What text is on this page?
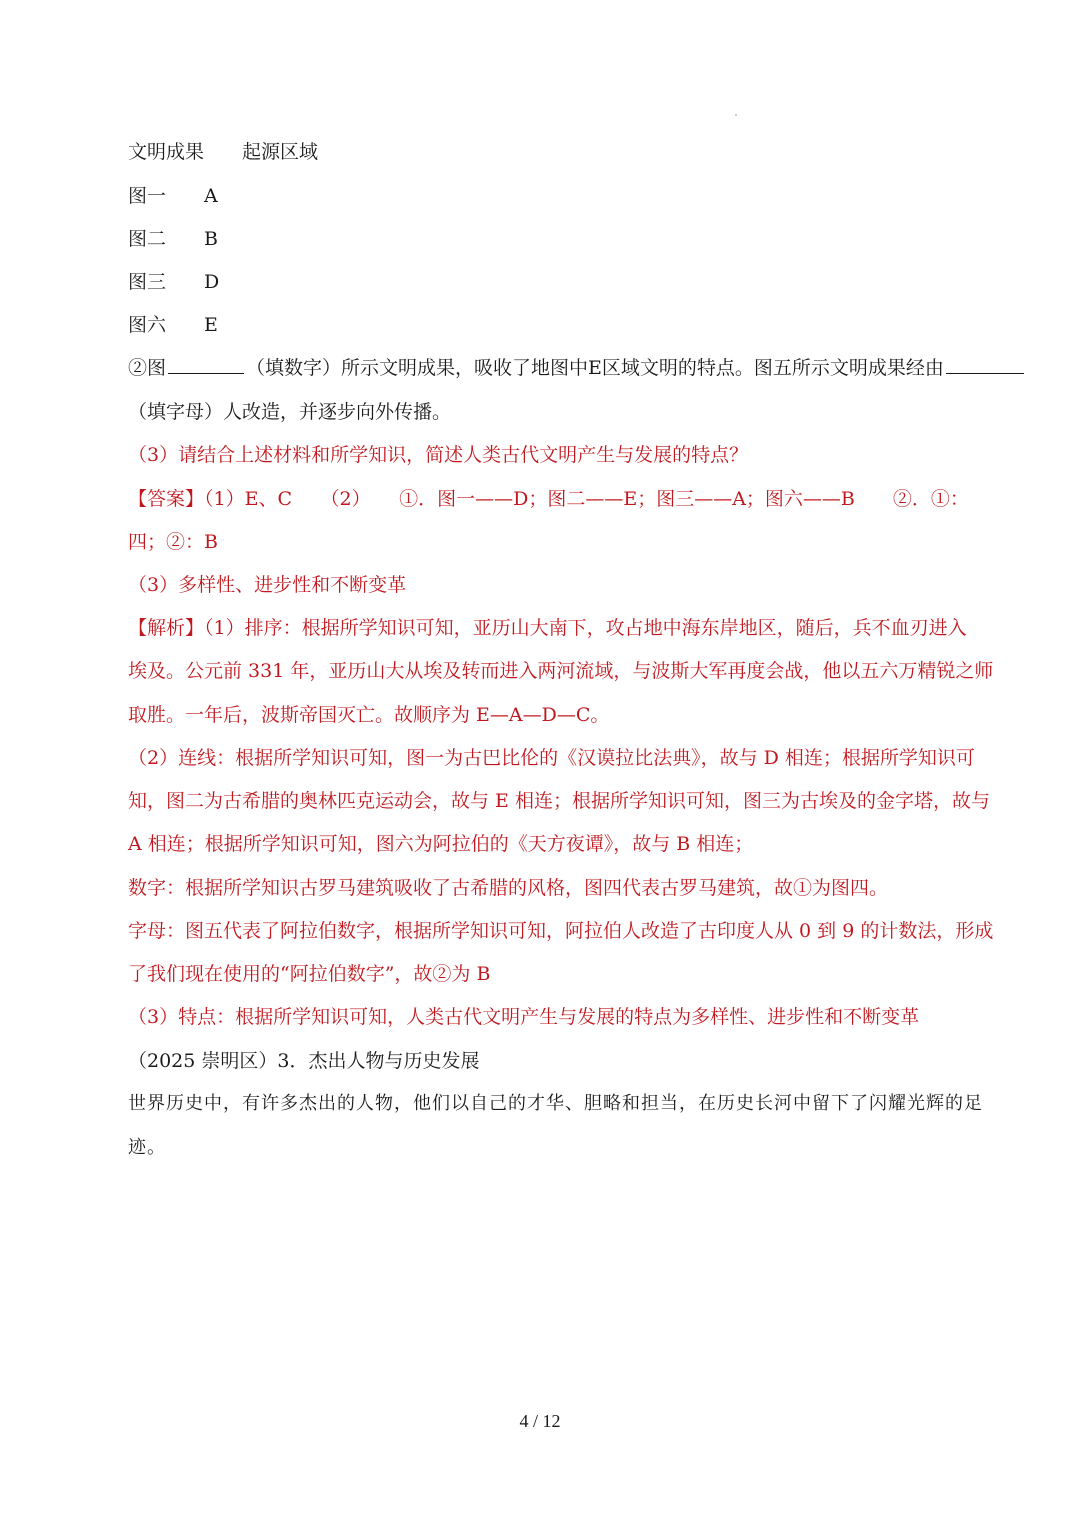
文明成果 起源区域
图一 A
图二 B
图三 D
图六 E
②图	（填数字）所示文明成果，吸收了地图中E区域文明的特点。图五所示文明成果经由
（填字母）人改造，并逐步向外传播。
（3）请结合上述材料和所学知识，简述人类古代文明产生与发展的特点？
【答案】（1）E、C　　（2）　　①．图一——D；图二——E；图三——A；图六——B　　②．①：
四；②：B
（3）多样性、进步性和不断变革
【解析】（1）排序：根据所学知识可知，亚历山大南下，攻占地中海东岸地区，随后，兵不血刃进入
埃及。公元前 331 年，亚历山大从埃及转而进入两河流域，与波斯大军再度会战，他以五六万精锐之师
取胜。一年后，波斯帝国灭亡。故顺序为 E—A—D—C。
（2）连线：根据所学知识可知，图一为古巴比伦的《汉谟拉比法典》，故与 D 相连；根据所学知识可
知，图二为古希腊的奥林匹克运动会，故与 E 相连；根据所学知识可知，图三为古埃及的金字塔，故与
A 相连；根据所学知识可知，图六为阿拉伯的《天方夜谭》，故与 B 相连；
数字：根据所学知识古罗马建筑吸收了古希腊的风格，图四代表古罗马建筑，故①为图四。
字母：图五代表了阿拉伯数字，根据所学知识可知，阿拉伯人改造了古印度人从 0 到 9 的计数法，形成
了我们现在使用的“阿拉伯数字”，故②为 B
（3）特点：根据所学知识可知，人类古代文明产生与发展的特点为多样性、进步性和不断变革
（2025 崇明区）3．杰出人物与历史发展
世界历史中，有许多杰出的人物，他们以自己的才华、胆略和担当，在历史长河中留下了闪耀光辉的足
迹。
4 / 12
